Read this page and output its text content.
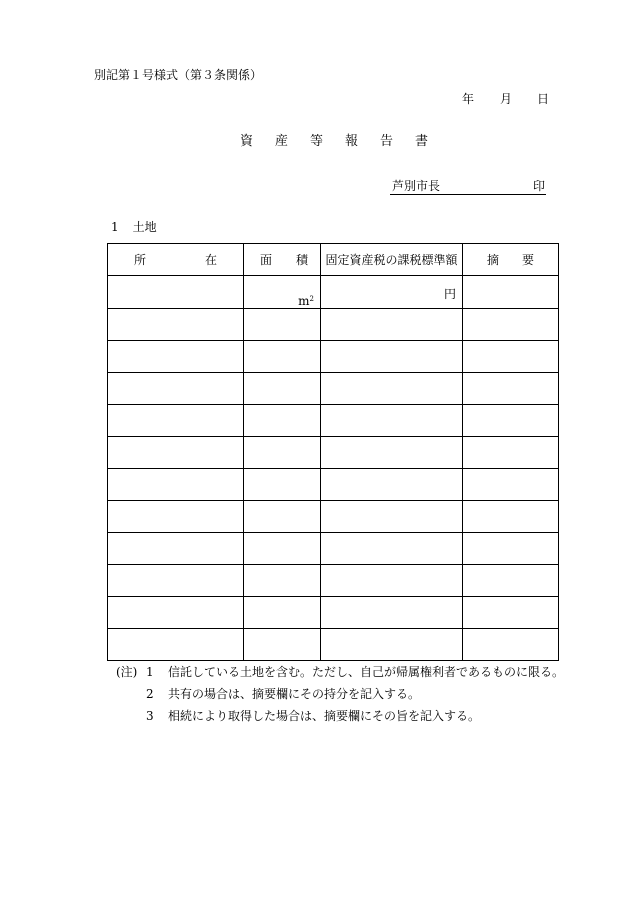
別記第１号様式（第３条関係）
年 月 日
資産等報告書
芦別市長	印
1 土地
所 在	面 積	固定資産税の課税標準額	摘 要

	$m^2$	円	

(注) 1 信託している土地を含む。ただし、自己が帰属権利者であるものに限る。
2 共有の場合は、摘要欄にその持分を記入する。
3 相続により取得した場合は、摘要欄にその旨を記入する。
